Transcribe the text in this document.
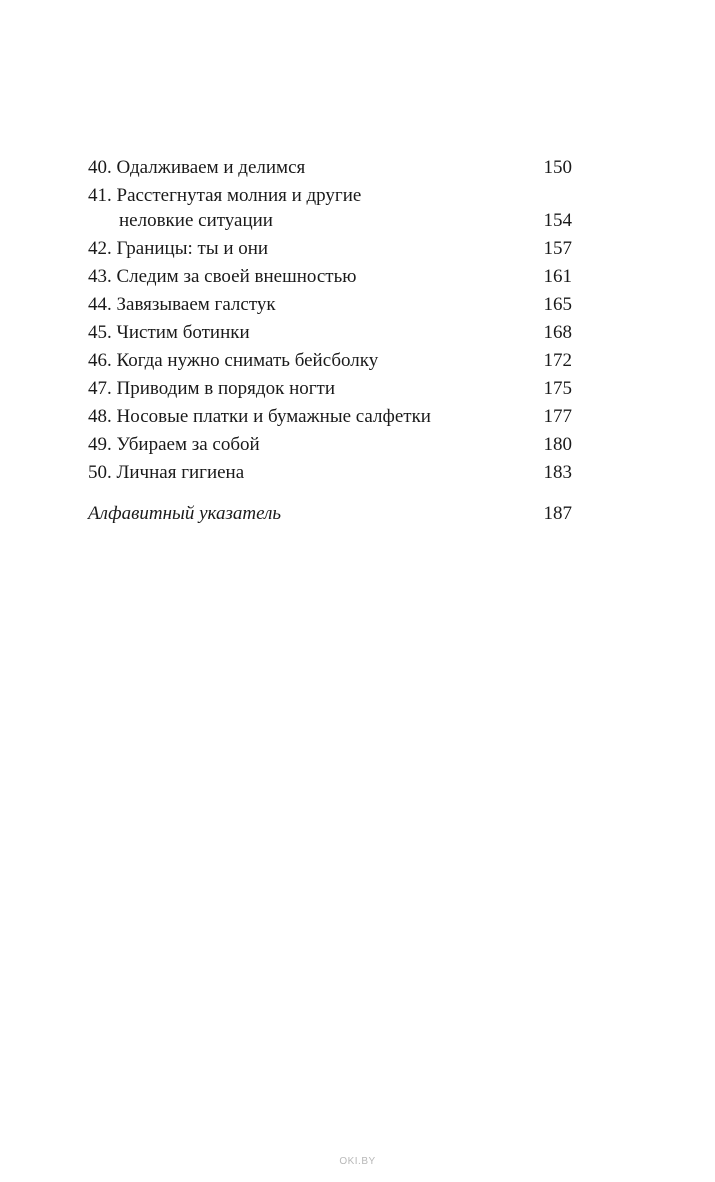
40.
Одалживаем и делимся	150
41.
Расстегнутая молния и другие
неловкие ситуации	154
42.
Границы: ты и они	157
43.
Следим за своей внешностью	161
44.
Завязываем галстук	165
45.
Чистим ботинки	168
46.
Когда нужно снимать бейсболку	172
47.
Приводим в порядок ногти	175
48.
Носовые платки и бумажные салфетки	177
49.
Убираем за собой	180
50.
Личная гигиена	183
Алфавитный указатель	187
OKI.BY
